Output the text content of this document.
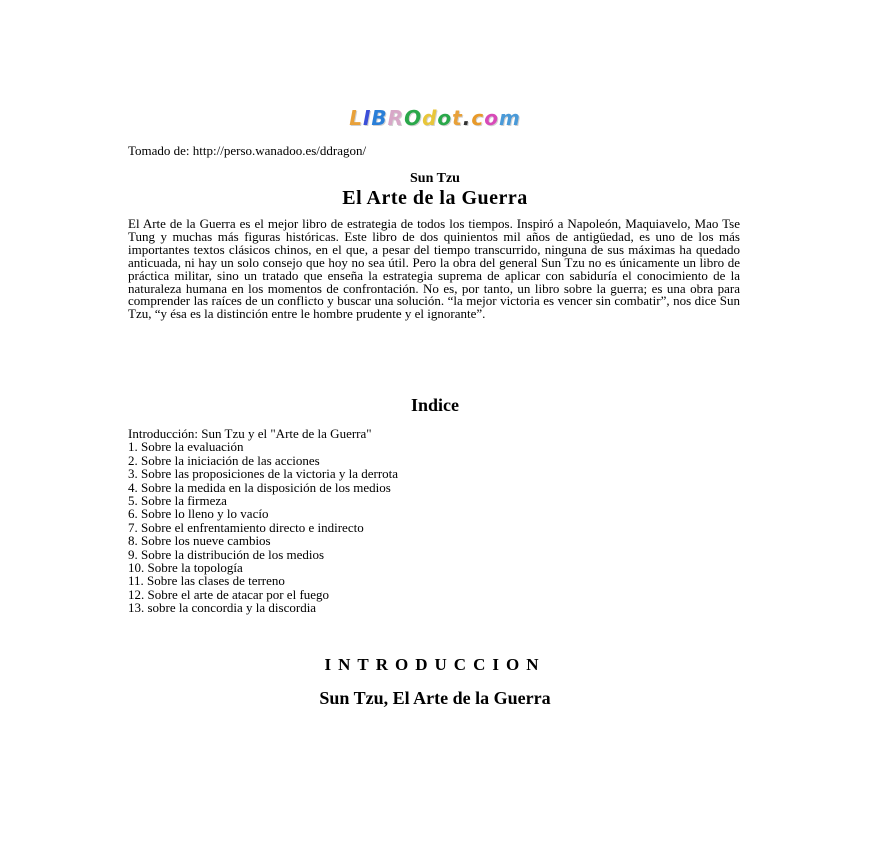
LIBROdot.com
Tomado de: http://perso.wanadoo.es/ddragon/
Sun Tzu
El Arte de la Guerra

El Arte de la Guerra es el mejor libro de estrategia de todos los tiempos. Inspiró a Napoleón, Maquiavelo, Mao Tse Tung y muchas más figuras históricas. Este libro de dos quinientos mil años de antigüedad, es uno de los más importantes textos clásicos chinos, en el que, a pesar del tiempo transcurrido, ninguna de sus máximas ha quedado anticuada, ni hay un solo consejo que hoy no sea útil. Pero la obra del general Sun Tzu no es únicamente un libro de práctica militar, sino un tratado que enseña la estrategia suprema de aplicar con sabiduría el conocimiento de la naturaleza humana en los momentos de confrontación. No es, por tanto, un libro sobre la guerra; es una obra para comprender las raíces de un conflicto y buscar una solución. “la mejor victoria es vencer sin combatir”, nos dice Sun Tzu, “y ésa es la distinción entre le hombre prudente y el ignorante”.

Indice
Introducción: Sun Tzu y el "Arte de la Guerra"
1. Sobre la evaluación
2. Sobre la iniciación de las acciones
3. Sobre las proposiciones de la victoria y la derrota
4. Sobre la medida en la disposición de los medios
5. Sobre la firmeza
6. Sobre lo lleno y lo vacío
7. Sobre el enfrentamiento directo e indirecto
8. Sobre los nueve cambios
9. Sobre la distribución de los medios
10. Sobre la topología
11. Sobre las clases de terreno
12. Sobre el arte de atacar por el fuego
13. sobre la concordia y la discordia
INTRODUCCION
Sun Tzu, El Arte de la Guerra
